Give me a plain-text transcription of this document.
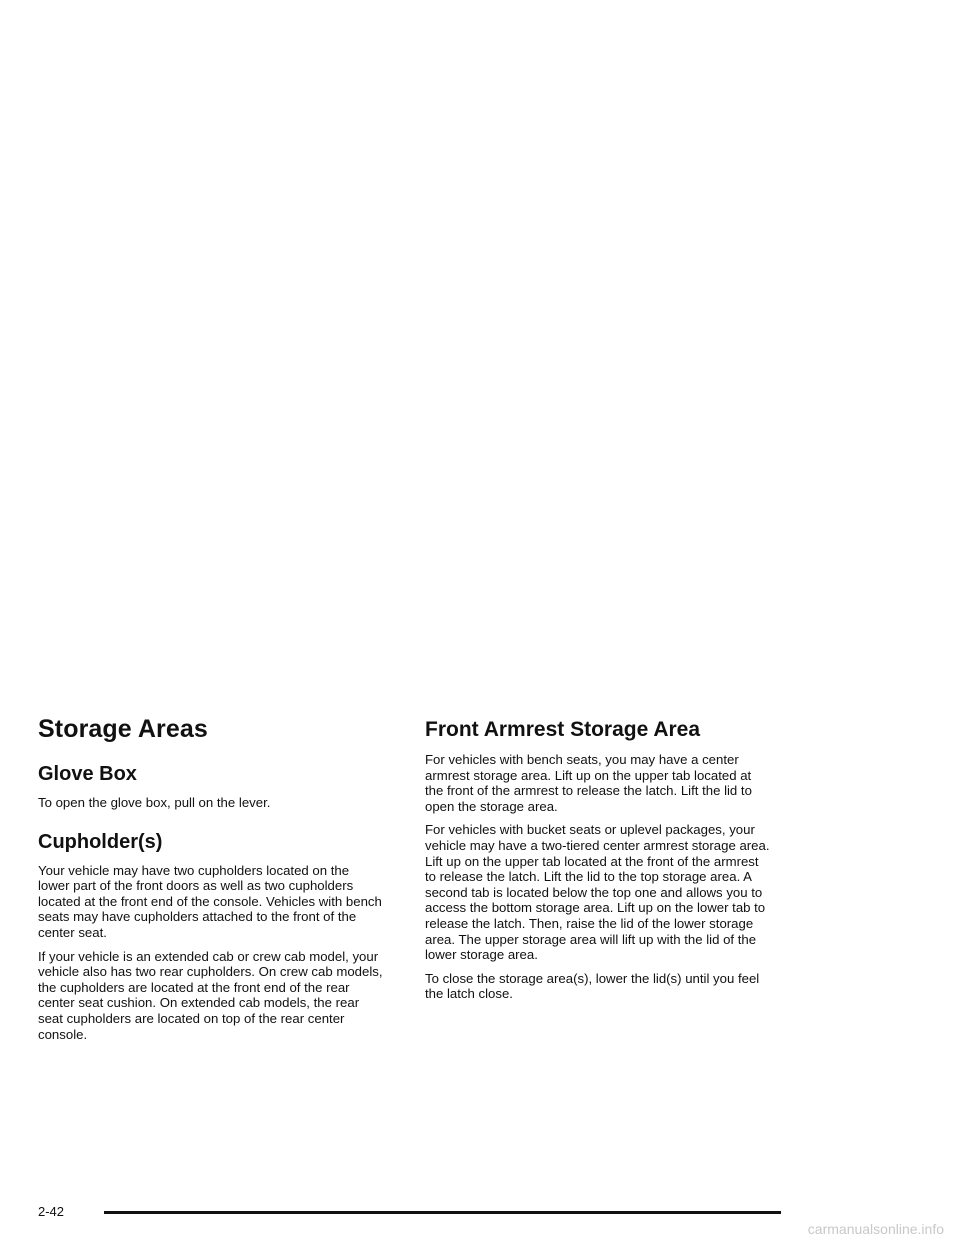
Storage Areas
Glove Box

To open the glove box, pull on the lever.

Cupholder(s)

Your vehicle may have two cupholders located on the lower part of the front doors as well as two cupholders located at the front end of the console. Vehicles with bench seats may have cupholders attached to the front of the center seat.

If your vehicle is an extended cab or crew cab model, your vehicle also has two rear cupholders. On crew cab models, the cupholders are located at the front end of the rear center seat cushion. On extended cab models, the rear seat cupholders are located on top of the rear center console.

Front Armrest Storage Area

For vehicles with bench seats, you may have a center armrest storage area. Lift up on the upper tab located at the front of the armrest to release the latch. Lift the lid to open the storage area.

For vehicles with bucket seats or uplevel packages, your vehicle may have a two-tiered center armrest storage area. Lift up on the upper tab located at the front of the armrest to release the latch. Lift the lid to the top storage area. A second tab is located below the top one and allows you to access the bottom storage area. Lift up on the lower tab to release the latch. Then, raise the lid of the lower storage area. The upper storage area will lift up with the lid of the lower storage area.

To close the storage area(s), lower the lid(s) until you feel the latch close.

2-42
carmanualsonline.info
